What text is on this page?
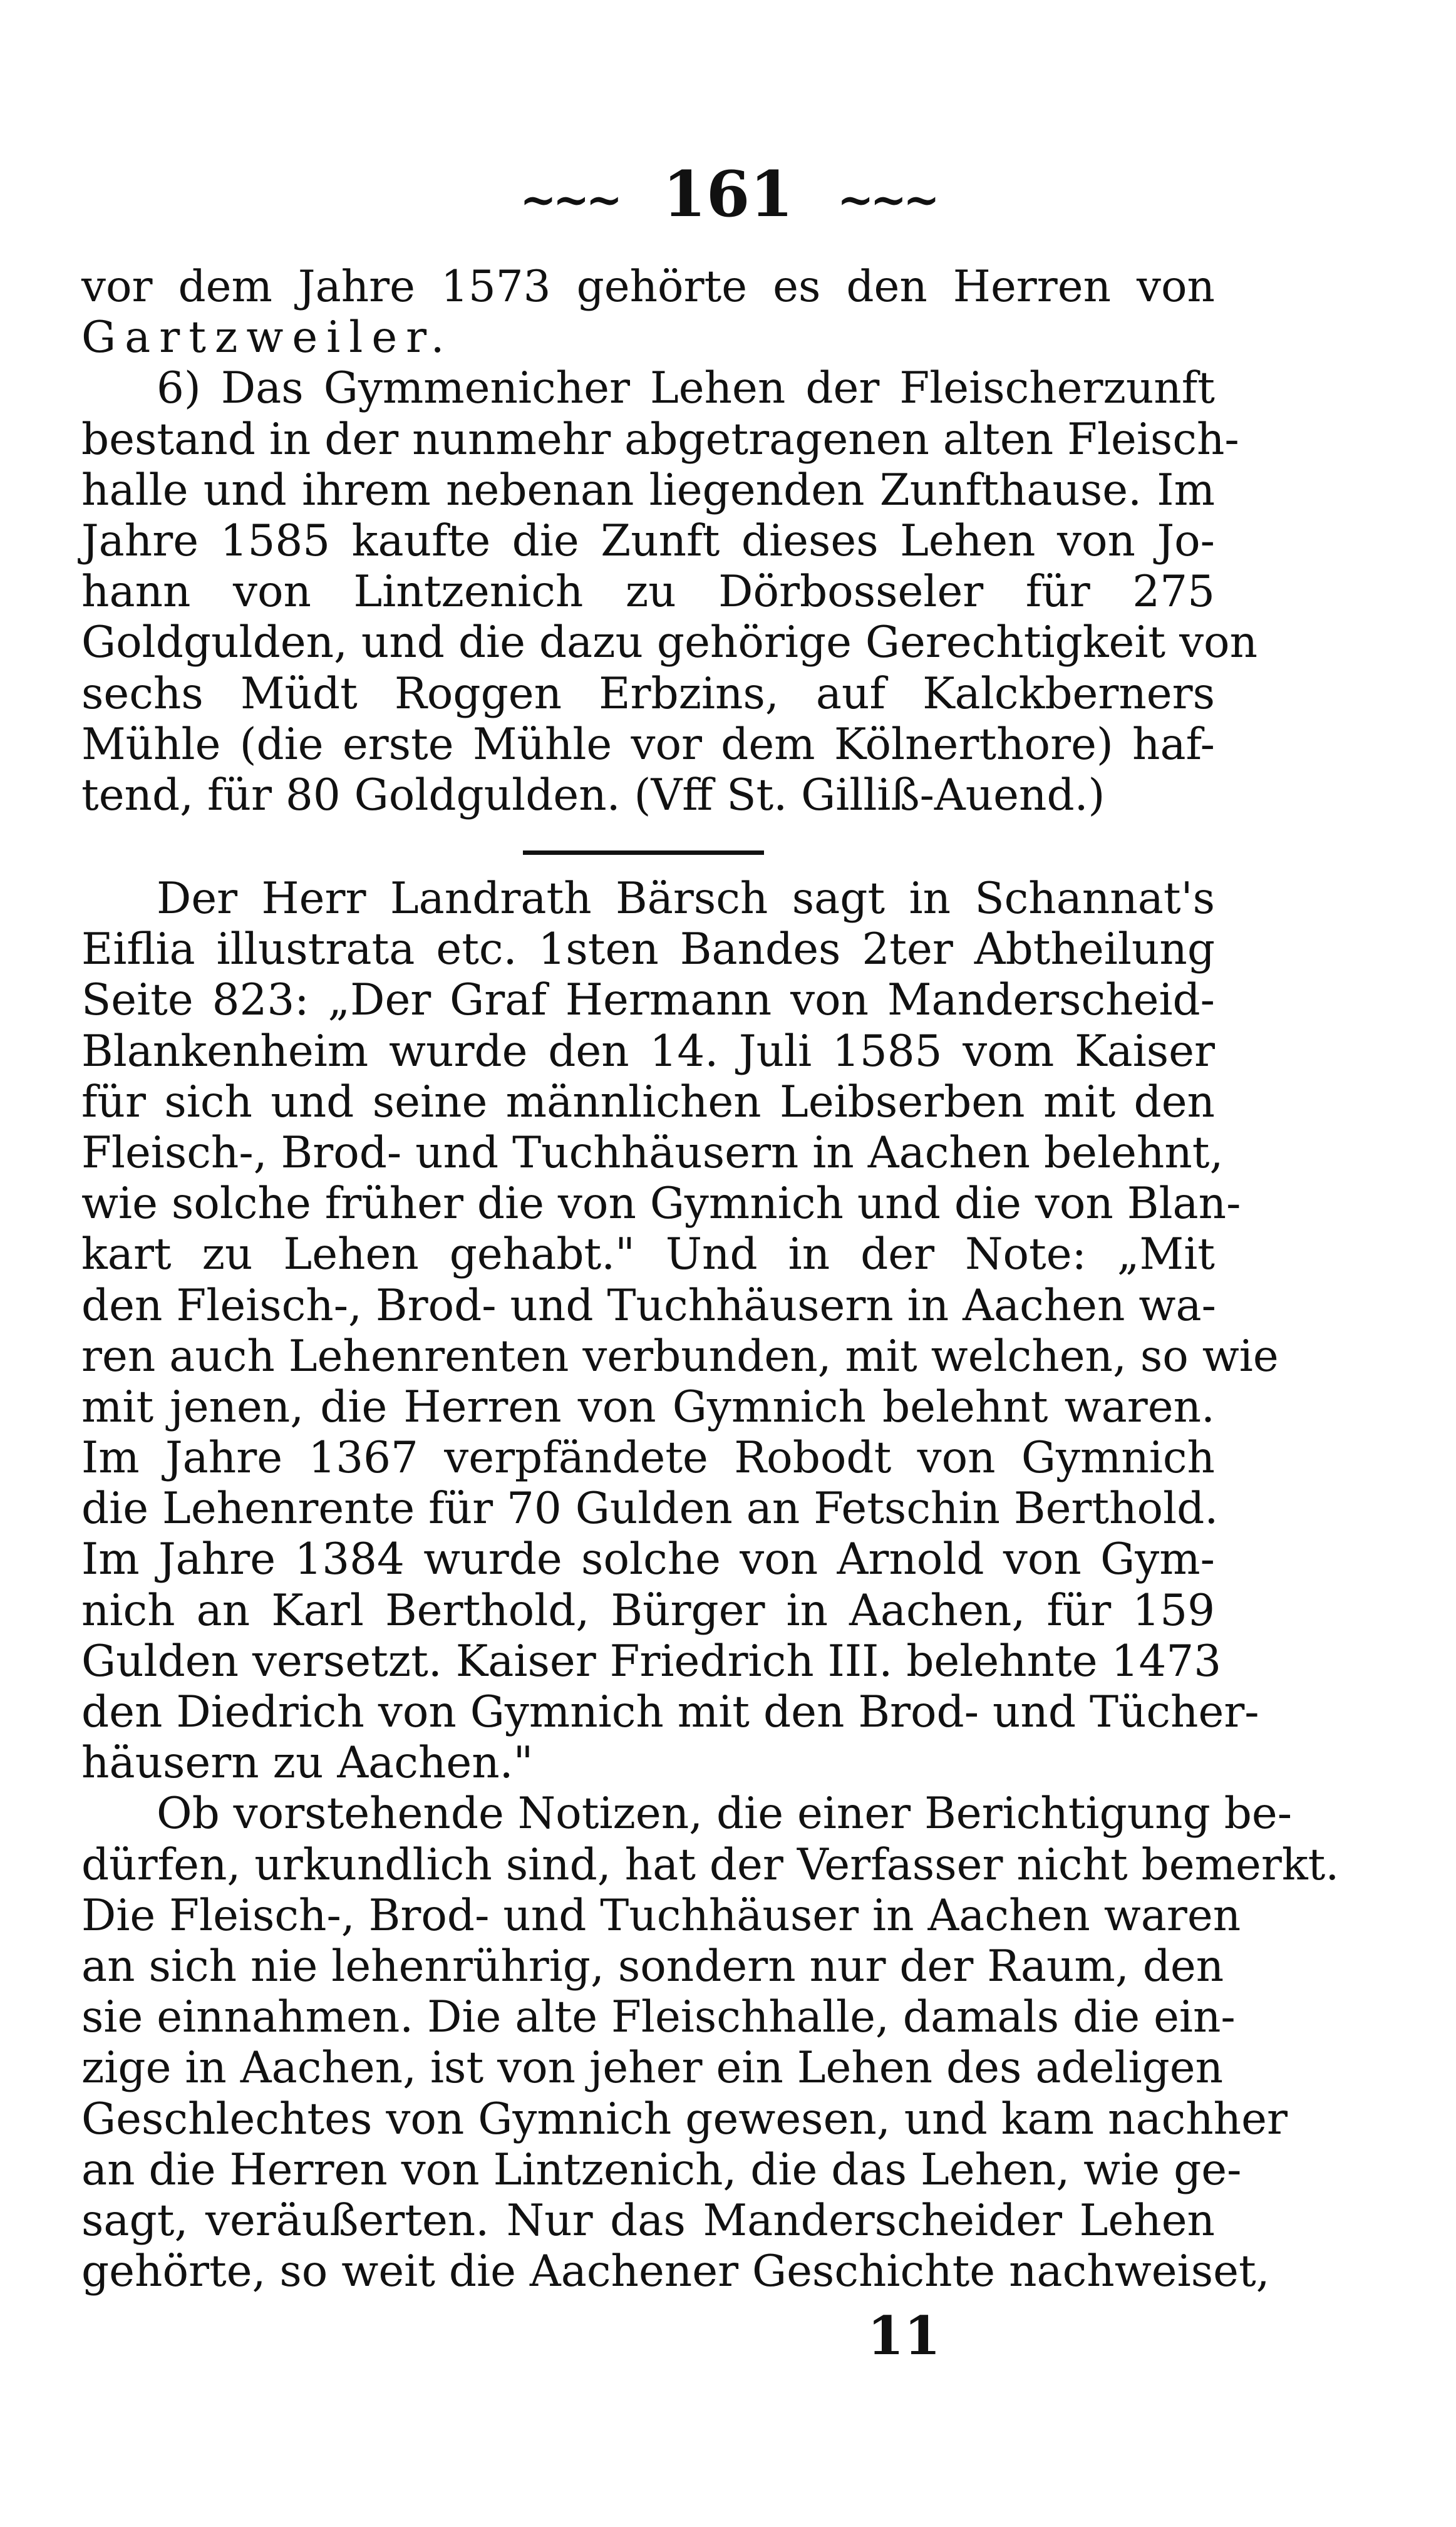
~~~ 161 ~~~
vor dem Jahre 1573 gehörte es den Herren von
Gartzweiler.
6) Das Gymmenicher Lehen der Fleischerzunft
bestand in der nunmehr abgetragenen alten Fleisch-
halle und ihrem nebenan liegenden Zunfthause. Im
Jahre 1585 kaufte die Zunft dieses Lehen von Jo-
hann von Lintzenich zu Dörbosseler für 275
Goldgulden, und die dazu gehörige Gerechtigkeit von
sechs Müdt Roggen Erbzins, auf Kalckberners
Mühle (die erste Mühle vor dem Kölnerthore) haf-
tend, für 80 Goldgulden. (Vff St. Gilliß-Auend.)
Der Herr Landrath Bärsch sagt in Schannat's
Eiflia illustrata etc. 1sten Bandes 2ter Abtheilung
Seite 823: „Der Graf Hermann von Manderscheid-
Blankenheim wurde den 14. Juli 1585 vom Kaiser
für sich und seine männlichen Leibserben mit den
Fleisch-, Brod- und Tuchhäusern in Aachen belehnt,
wie solche früher die von Gymnich und die von Blan-
kart zu Lehen gehabt." Und in der Note: „Mit
den Fleisch-, Brod- und Tuchhäusern in Aachen wa-
ren auch Lehenrenten verbunden, mit welchen, so wie
mit jenen, die Herren von Gymnich belehnt waren.
Im Jahre 1367 verpfändete Robodt von Gymnich
die Lehenrente für 70 Gulden an Fetschin Berthold.
Im Jahre 1384 wurde solche von Arnold von Gym-
nich an Karl Berthold, Bürger in Aachen, für 159
Gulden versetzt. Kaiser Friedrich III. belehnte 1473
den Diedrich von Gymnich mit den Brod- und Tücher-
häusern zu Aachen."
Ob vorstehende Notizen, die einer Berichtigung be-
dürfen, urkundlich sind, hat der Verfasser nicht bemerkt.
Die Fleisch-, Brod- und Tuchhäuser in Aachen waren
an sich nie lehenrührig, sondern nur der Raum, den
sie einnahmen. Die alte Fleischhalle, damals die ein-
zige in Aachen, ist von jeher ein Lehen des adeligen
Geschlechtes von Gymnich gewesen, und kam nachher
an die Herren von Lintzenich, die das Lehen, wie ge-
sagt, veräußerten. Nur das Manderscheider Lehen
gehörte, so weit die Aachener Geschichte nachweiset,
11
